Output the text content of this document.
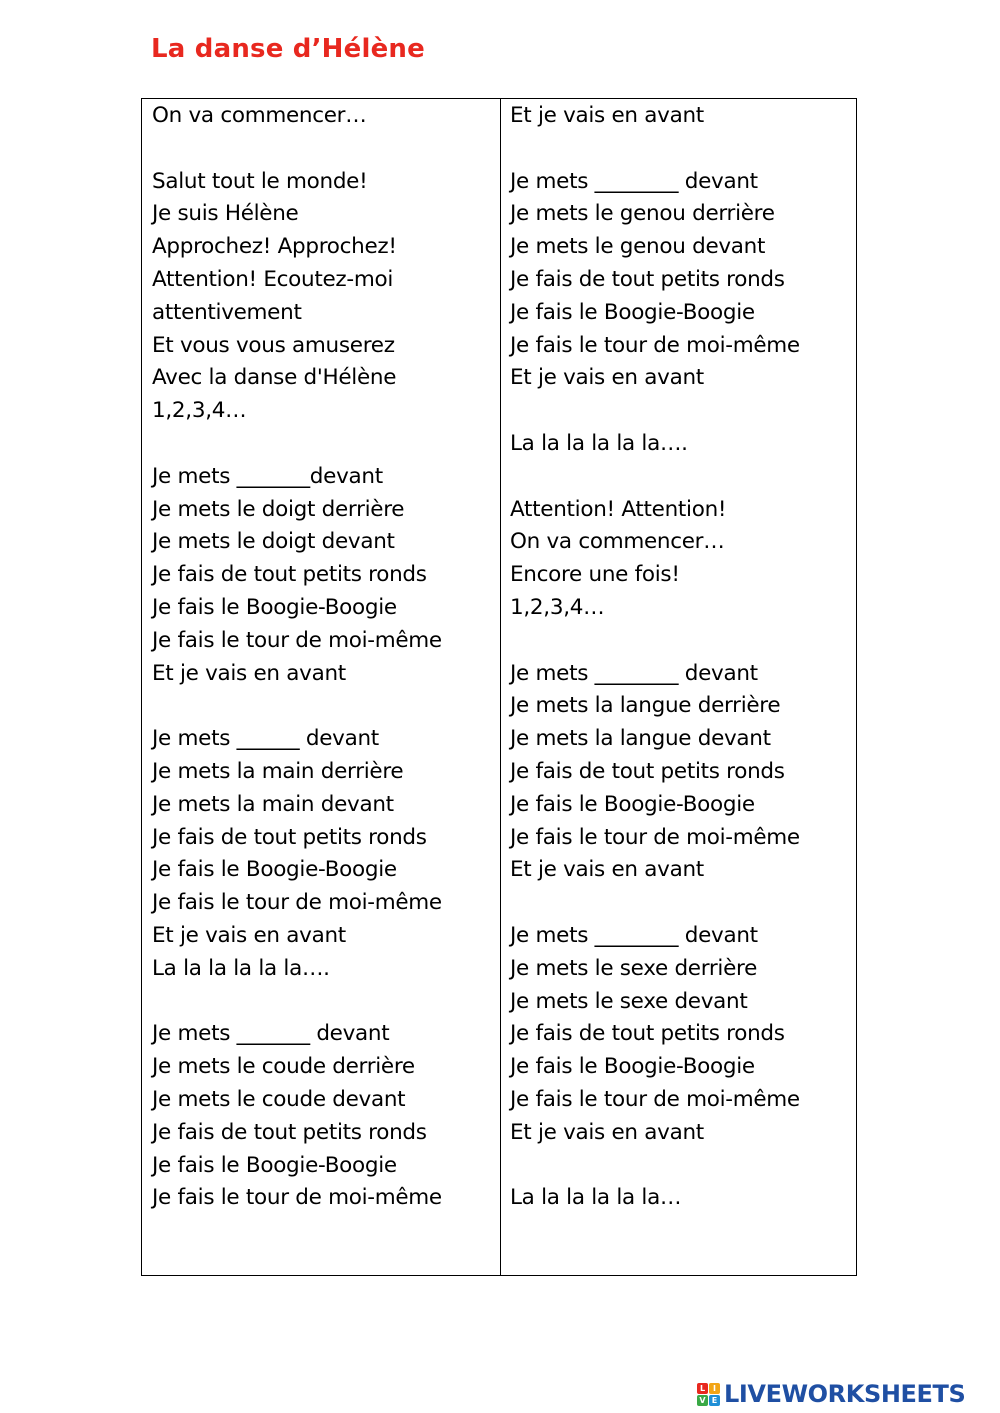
La danse d’Hélène
On va commencer…
Salut tout le monde!
Je suis Hélène
Approchez! Approchez!
Attention! Ecoutez-moi
attentivement
Et vous vous amuserez
Avec la danse d'Hélène
1,2,3,4…
Je mets _______devant
Je mets le doigt derrière
Je mets le doigt devant
Je fais de tout petits ronds
Je fais le Boogie-Boogie
Je fais le tour de moi-même
Et je vais en avant
Je mets ______ devant
Je mets la main derrière
Je mets la main devant
Je fais de tout petits ronds
Je fais le Boogie-Boogie
Je fais le tour de moi-même
Et je vais en avant
La la la la la la….
Je mets _______ devant
Je mets le coude derrière
Je mets le coude devant
Je fais de tout petits ronds
Je fais le Boogie-Boogie
Je fais le tour de moi-même
Et je vais en avant
Je mets ________ devant
Je mets le genou derrière
Je mets le genou devant
Je fais de tout petits ronds
Je fais le Boogie-Boogie
Je fais le tour de moi-même
Et je vais en avant
La la la la la la….
Attention! Attention!
On va commencer…
Encore une fois!
1,2,3,4…
Je mets ________ devant
Je mets la langue derrière
Je mets la langue devant
Je fais de tout petits ronds
Je fais le Boogie-Boogie
Je fais le tour de moi-même
Et je vais en avant
Je mets ________ devant
Je mets le sexe derrière
Je mets le sexe devant
Je fais de tout petits ronds
Je fais le Boogie-Boogie
Je fais le tour de moi-même
Et je vais en avant
La la la la la la…
L I
V E LIVEWORKSHEETS
